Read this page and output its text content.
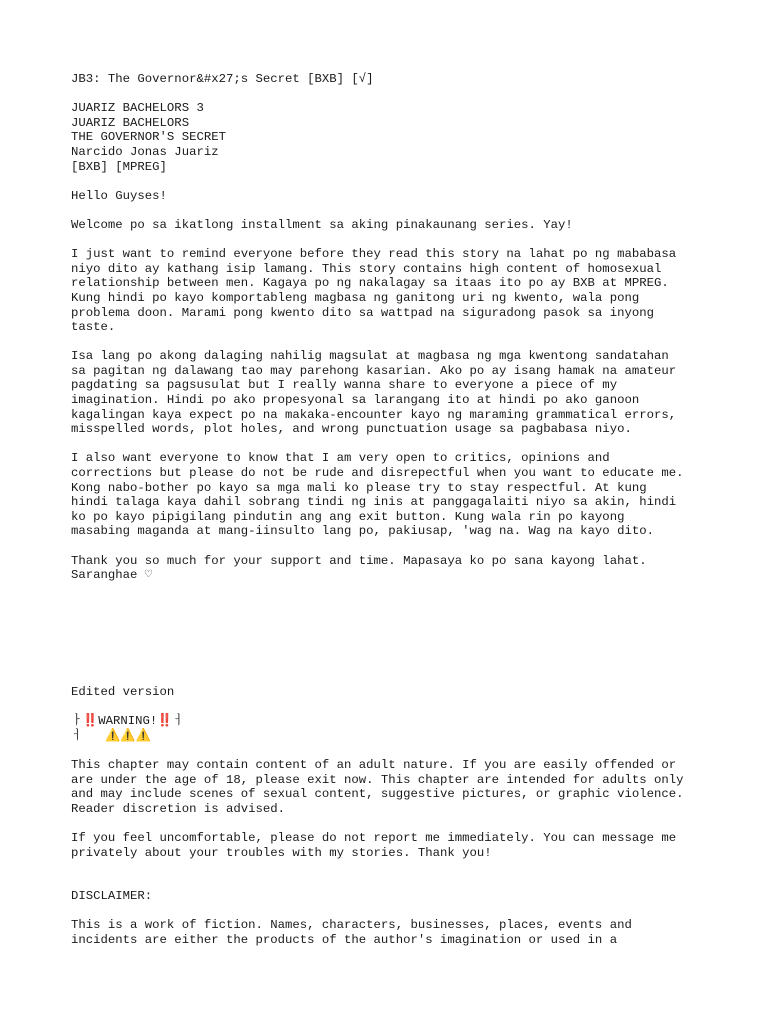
JB3: The Governor&#x27;s Secret [BXB] [√]
JUARIZ BACHELORS 3
JUARIZ BACHELORS
THE GOVERNOR'S SECRET
Narcido Jonas Juariz
[BXB] [MPREG]
Hello Guyses!
Welcome po sa ikatlong installment sa aking pinakaunang series. Yay!
I just want to remind everyone before they read this story na lahat po ng mababasa
niyo dito ay kathang isip lamang. This story contains high content of homosexual
relationship between men. Kagaya po ng nakalagay sa itaas ito po ay BXB at MPREG.
Kung hindi po kayo komportableng magbasa ng ganitong uri ng kwento, wala pong
problema doon. Marami pong kwento dito sa wattpad na siguradong pasok sa inyong
taste.
Isa lang po akong dalaging nahilig magsulat at magbasa ng mga kwentong sandatahan
sa pagitan ng dalawang tao may parehong kasarian. Ako po ay isang hamak na amateur
pagdating sa pagsusulat but I really wanna share to everyone a piece of my
imagination. Hindi po ako propesyonal sa larangang ito at hindi po ako ganoon
kagalingan kaya expect po na makaka-encounter kayo ng maraming grammatical errors,
misspelled words, plot holes, and wrong punctuation usage sa pagbabasa niyo.
I also want everyone to know that I am very open to critics, opinions and
corrections but please do not be rude and disrepectful when you want to educate me.
Kong nabo-bother po kayo sa mga mali ko please try to stay respectful. At kung
hindi talaga kaya dahil sobrang tindi ng inis at panggagalaiti niyo sa akin, hindi
ko po kayo pipigilang pindutin ang ang exit button. Kung wala rin po kayong
masabing maganda at mang-iinsulto lang po, pakiusap, 'wag na. Wag na kayo dito.
Thank you so much for your support and time. Mapasaya ko po sana kayong lahat.
Saranghae ♡
Edited version
ㅏ‼️WARNING!‼️ㅓ
ㅓ   ⚠️⚠️⚠️
This chapter may contain content of an adult nature. If you are easily offended or
are under the age of 18, please exit now. This chapter are intended for adults only
and may include scenes of sexual content, suggestive pictures, or graphic violence.
Reader discretion is advised.
If you feel uncomfortable, please do not report me immediately. You can message me
privately about your troubles with my stories. Thank you!
DISCLAIMER:
This is a work of fiction. Names, characters, businesses, places, events and
incidents are either the products of the author's imagination or used in a
